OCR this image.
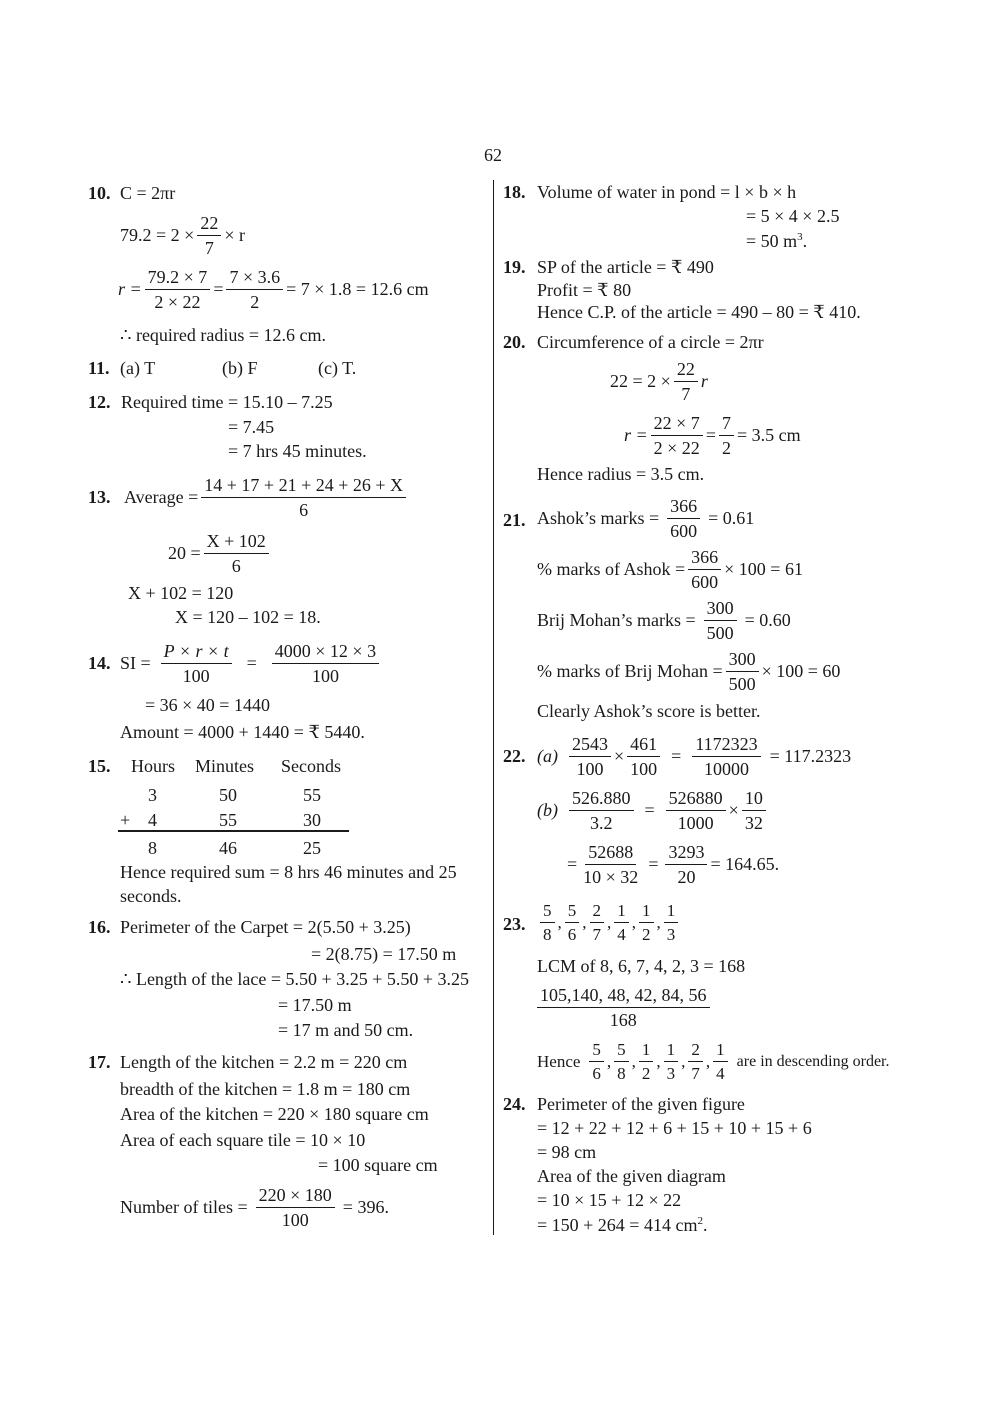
62
10. C = 2πr
$79.2 = 2 \times \frac{22}{7} \times r$
$r = \frac{79.2 \times 7}{2 \times 22} = \frac{7 \times 3.6}{2} = 7 \times 1.8 = 12.6$ cm
∴ required radius = 12.6 cm.
11. (a) T	(b) F	(c) T.
12. Required time = 15.10 – 7.25
= 7.45
= 7 hrs 45 minutes.
13. Average = $\frac{14 + 17 + 21 + 24 + 26 + X}{6}$
$20 = \frac{X + 102}{6}$
X + 102 = 120
X = 120 – 102 = 18.
14. SI = $\frac{P \times r \times t}{100} = \frac{4000 \times 12 \times 3}{100}$
= 36 × 40 = 1440
Amount = 4000 + 1440 = ₹ 5440.
15. Hours Minutes Seconds
3	50	55
+ 4	55	30
8	46	25
Hence required sum = 8 hrs 46 minutes and 25
seconds.
16. Perimeter of the Carpet = 2(5.50 + 3.25)
= 2(8.75) = 17.50 m
∴ Length of the lace = 5.50 + 3.25 + 5.50 + 3.25
= 17.50 m
= 17 m and 50 cm.
17. Length of the kitchen = 2.2 m = 220 cm
breadth of the kitchen = 1.8 m = 180 cm
Area of the kitchen = 220 × 180 square cm
Area of each square tile = 10 × 10
= 100 square cm
Number of tiles = $\frac{220 \times 180}{100} = 396$.
18. Volume of water in pond = l × b × h
= 5 × 4 × 2.5
= 50 $m^3$.
19. SP of the article = ₹ 490
Profit = ₹ 80
Hence C.P. of the article = 490 – 80 = ₹ 410.
20. Circumference of a circle = 2πr
$22 = 2 \times \frac{22}{7}$ r
$r = \frac{22 \times 7}{2 \times 22} = \frac{7}{2} = 3.5$ cm
Hence radius = 3.5 cm.
21. Ashok’s marks = $\frac{366}{600} = 0.61$
% marks of Ashok = $\frac{366}{600} \times 100 = 61$
Brij Mohan’s marks = $\frac{300}{500} = 0.60$
% marks of Brij Mohan = $\frac{300}{500} \times 100 = 60$
Clearly Ashok’s score is better.
22. $(a) \frac{2543}{100} \times \frac{461}{100} = \frac{1172323}{10000} = 117.2323$
$(b) \frac{526.880}{3.2} = \frac{526880}{1000} \times \frac{10}{32}$
= $\frac{52688}{10 \times 32} = \frac{3293}{20} = 164.65$.
23.
5
8
,
5
6
,
2
7
,
1
4
,
1
2
,
1
3
LCM of 8, 6, 7, 4, 2, 3 = 168
105,140, 48, 42, 84, 56
168
Hence
5
6
,
5
8
,
1
2
,
1
3
,
2
7
,
1
4
are in descending order.
24. Perimeter of the given figure
= 12 + 22 + 12 + 6 + 15 + 10 + 15 + 6
= 98 cm
Area of the given diagram
= 10 × 15 + 12 × 22
= 150 + 264 = 414 $cm^2$.
